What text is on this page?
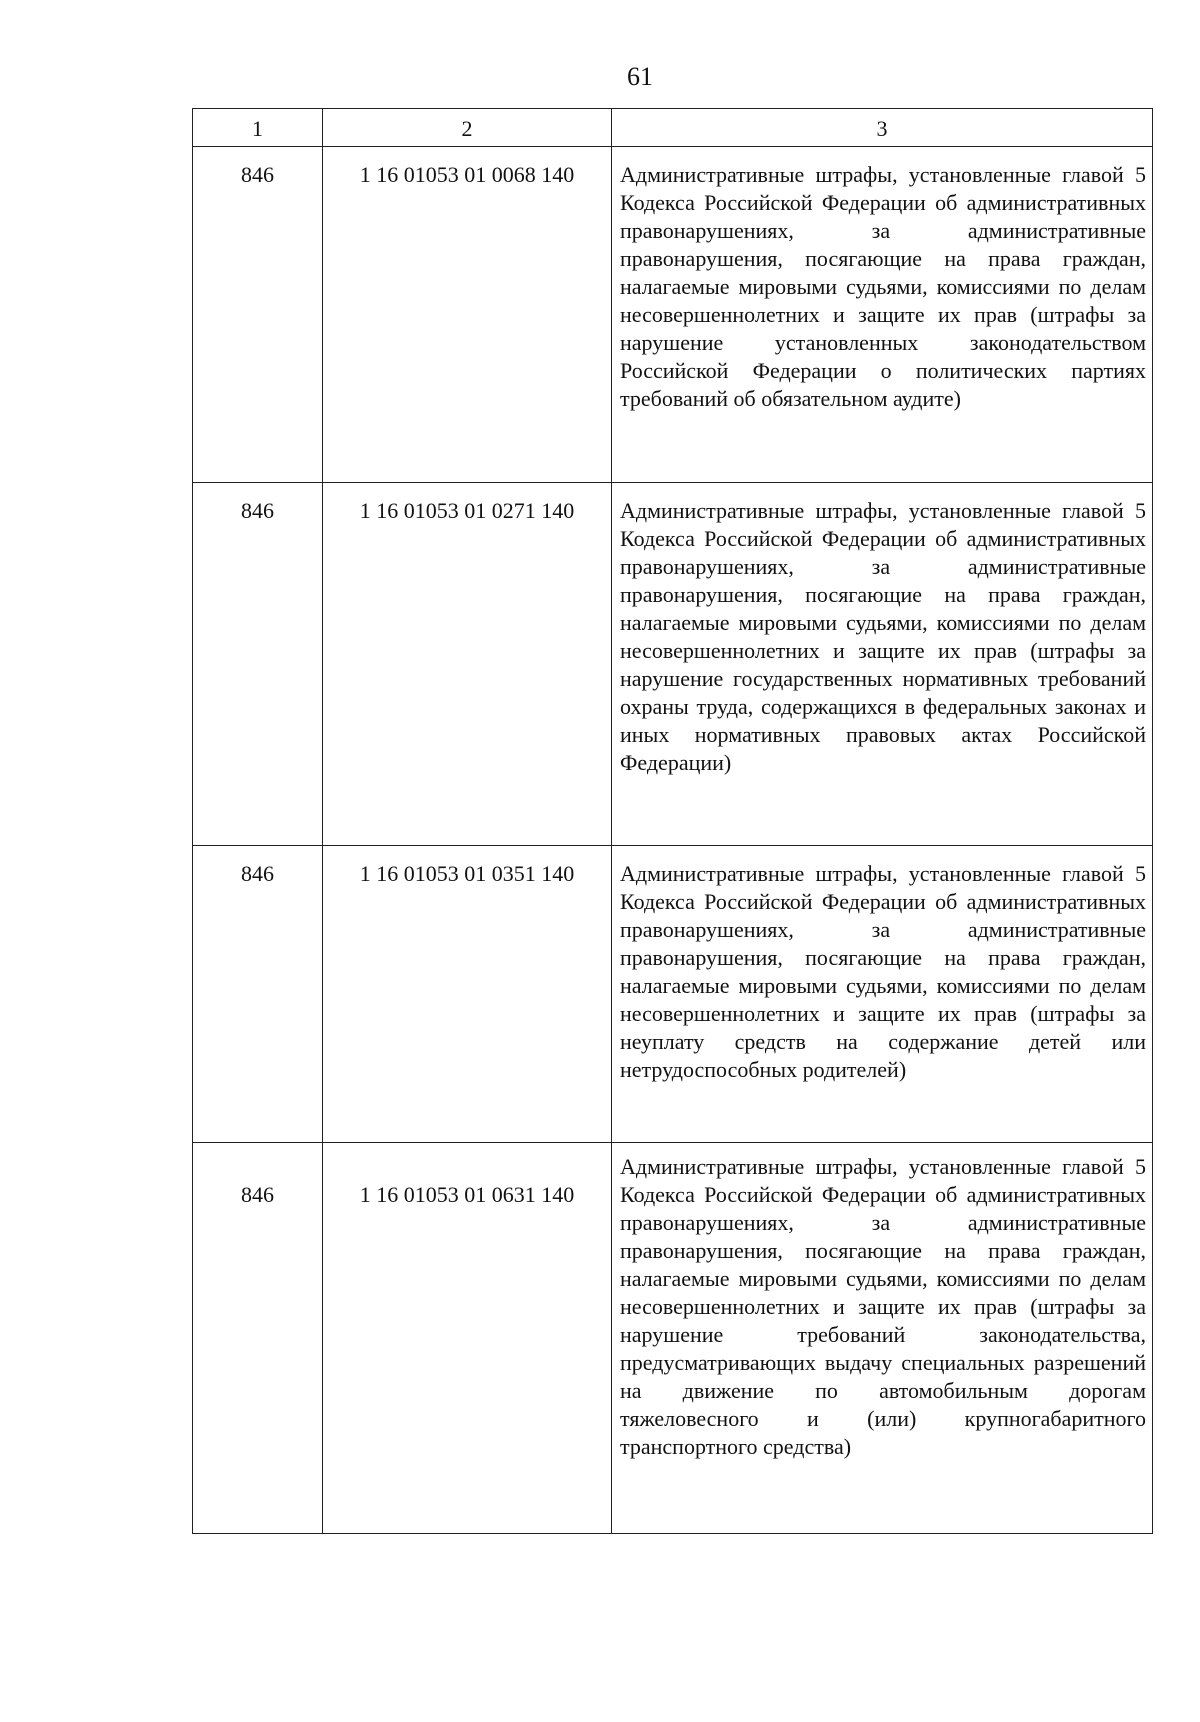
61
1	2	3
846	1 16 01053 01 0068 140	Административные штрафы, установленные главой 5 Кодекса Российской Федерации об административных правонарушениях, за административные правонарушения, посягающие на права граждан, налагаемые мировыми судьями, комиссиями по делам несовершеннолетних и защите их прав (штрафы за нарушение установленных законодательством Российской Федерации о политических партиях требований об обязательном аудите)
846	1 16 01053 01 0271 140	Административные штрафы, установленные главой 5 Кодекса Российской Федерации об административных правонарушениях, за административные правонарушения, посягающие на права граждан, налагаемые мировыми судьями, комиссиями по делам несовершеннолетних и защите их прав (штрафы за нарушение государственных нормативных требований охраны труда, содержащихся в федеральных законах и иных нормативных правовых актах Российской Федерации)
846	1 16 01053 01 0351 140	Административные штрафы, установленные главой 5 Кодекса Российской Федерации об административных правонарушениях, за административные правонарушения, посягающие на права граждан, налагаемые мировыми судьями, комиссиями по делам несовершеннолетних и защите их прав (штрафы за неуплату средств на содержание детей или нетрудоспособных родителей)
846	1 16 01053 01 0631 140	Административные штрафы, установленные главой 5 Кодекса Российской Федерации об административных правонарушениях, за административные правонарушения, посягающие на права граждан, налагаемые мировыми судьями, комиссиями по делам несовершеннолетних и защите их прав (штрафы за нарушение требований законодательства, предусматривающих выдачу специальных разрешений на движение по автомобильным дорогам тяжеловесного и (или) крупногабаритного транспортного средства)
